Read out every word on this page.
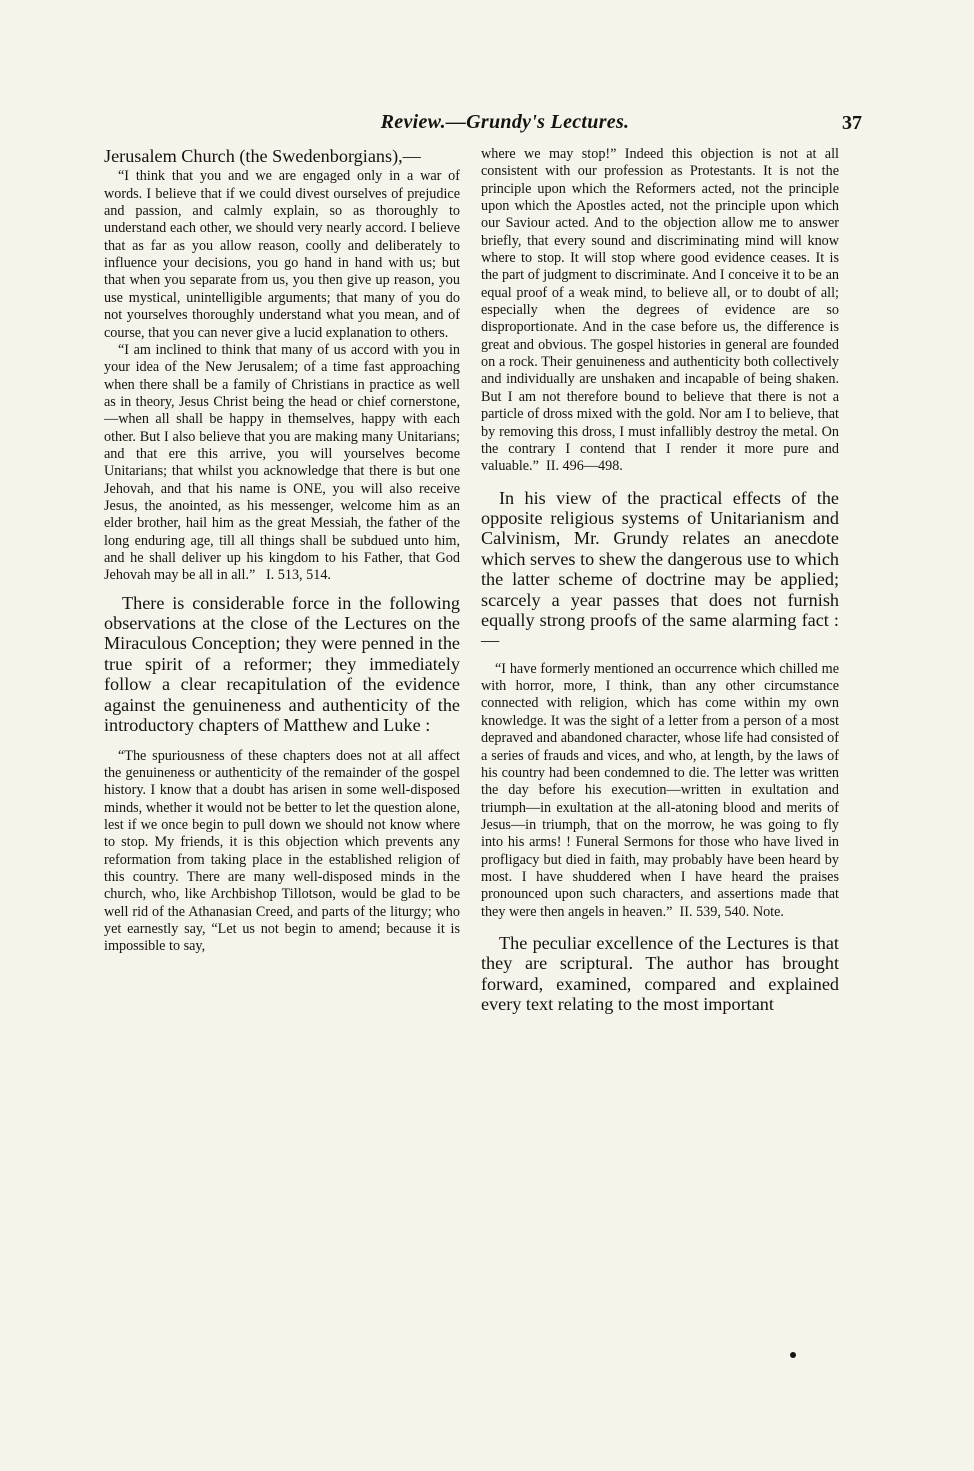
Review.—Grundy's Lectures.	37

Jerusalem Church (the Swedenborgians),—

“I think that you and we are engaged only in a war of words. I believe that if we could divest ourselves of prejudice and passion, and calmly explain, so as thoroughly to understand each other, we should very nearly accord. I believe that as far as you allow reason, coolly and deliberately to influence your decisions, you go hand in hand with us; but that when you separate from us, you then give up reason, you use mystical, unintelligible arguments; that many of you do not yourselves thoroughly understand what you mean, and of course, that you can never give a lucid explanation to others.

“I am inclined to think that many of us accord with you in your idea of the New Jerusalem; of a time fast approaching when there shall be a family of Christians in practice as well as in theory, Jesus Christ being the head or chief cornerstone,—when all shall be happy in themselves, happy with each other. But I also believe that you are making many Unitarians; and that ere this arrive, you will yourselves become Unitarians; that whilst you acknowledge that there is but one Jehovah, and that his name is ONE, you will also receive Jesus, the anointed, as his messenger, welcome him as an elder brother, hail him as the great Messiah, the father of the long enduring age, till all things shall be subdued unto him, and he shall deliver up his kingdom to his Father, that God Jehovah may be all in all.” I. 513, 514.

There is considerable force in the following observations at the close of the Lectures on the Miraculous Conception; they were penned in the true spirit of a reformer; they immediately follow a clear recapitulation of the evidence against the genuineness and authenticity of the introductory chapters of Matthew and Luke :

“The spuriousness of these chapters does not at all affect the genuineness or authenticity of the remainder of the gospel history. I know that a doubt has arisen in some well-disposed minds, whether it would not be better to let the question alone, lest if we once begin to pull down we should not know where to stop. My friends, it is this objection which prevents any reformation from taking place in the established religion of this country. There are many well-disposed minds in the church, who, like Archbishop Tillotson, would be glad to be well rid of the Athanasian Creed, and parts of the liturgy; who yet earnestly say, “Let us not begin to amend; because it is impossible to say,

where we may stop!” Indeed this objection is not at all consistent with our profession as Protestants. It is not the principle upon which the Reformers acted, not the principle upon which the Apostles acted, not the principle upon which our Saviour acted. And to the objection allow me to answer briefly, that every sound and discriminating mind will know where to stop. It will stop where good evidence ceases. It is the part of judgment to discriminate. And I conceive it to be an equal proof of a weak mind, to believe all, or to doubt of all; especially when the degrees of evidence are so disproportionate. And in the case before us, the difference is great and obvious. The gospel histories in general are founded on a rock. Their genuineness and authenticity both collectively and individually are unshaken and incapable of being shaken. But I am not therefore bound to believe that there is not a particle of dross mixed with the gold. Nor am I to believe, that by removing this dross, I must infallibly destroy the metal. On the contrary I contend that I render it more pure and valuable.” II. 496—498.

In his view of the practical effects of the opposite religious systems of Unitarianism and Calvinism, Mr. Grundy relates an anecdote which serves to shew the dangerous use to which the latter scheme of doctrine may be applied; scarcely a year passes that does not furnish equally strong proofs of the same alarming fact :—

“I have formerly mentioned an occurrence which chilled me with horror, more, I think, than any other circumstance connected with religion, which has come within my own knowledge. It was the sight of a letter from a person of a most depraved and abandoned character, whose life had consisted of a series of frauds and vices, and who, at length, by the laws of his country had been condemned to die. The letter was written the day before his execution—written in exultation and triumph—in exultation at the all-atoning blood and merits of Jesus—in triumph, that on the morrow, he was going to fly into his arms! ! Funeral Sermons for those who have lived in profligacy but died in faith, may probably have been heard by most. I have shuddered when I have heard the praises pronounced upon such characters, and assertions made that they were then angels in heaven.” II. 539, 540. Note.

The peculiar excellence of the Lectures is that they are scriptural. The author has brought forward, examined, compared and explained every text relating to the most important
